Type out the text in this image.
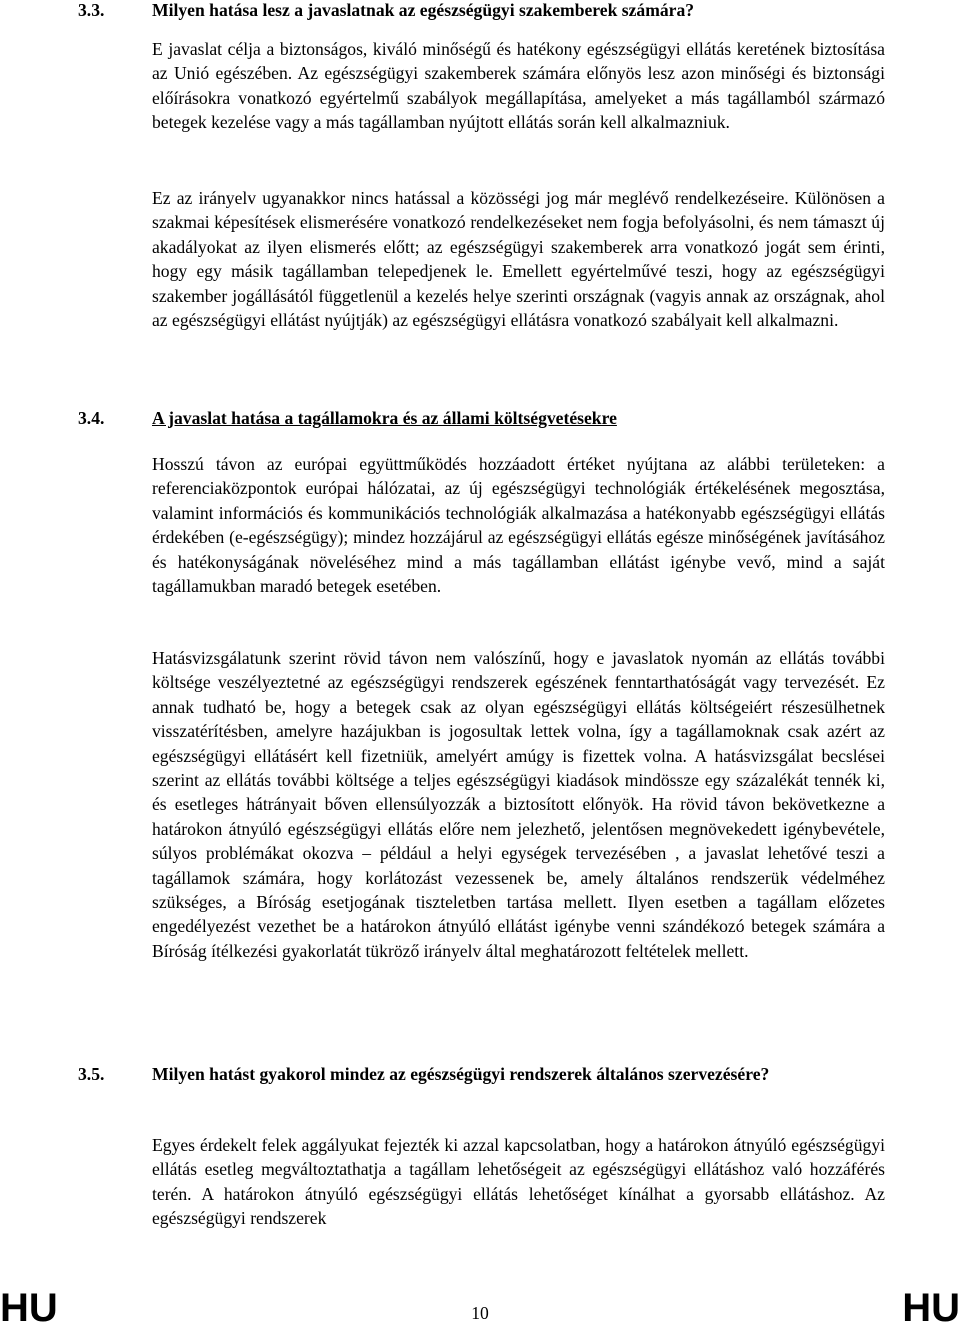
3.3.	Milyen hatása lesz a javaslatnak az egészségügyi szakemberek számára?

E javaslat célja a biztonságos, kiváló minőségű és hatékony egészségügyi ellátás keretének biztosítása az Unió egészében. Az egészségügyi szakemberek számára előnyös lesz azon minőségi és biztonsági előírásokra vonatkozó egyértelmű szabályok megállapítása, amelyeket a más tagállamból származó betegek kezelése vagy a más tagállamban nyújtott ellátás során kell alkalmazniuk.

Ez az irányelv ugyanakkor nincs hatással a közösségi jog már meglévő rendelkezéseire. Különösen a szakmai képesítések elismerésére vonatkozó rendelkezéseket nem fogja befolyásolni, és nem támaszt új akadályokat az ilyen elismerés előtt; az egészségügyi szakemberek arra vonatkozó jogát sem érinti, hogy egy másik tagállamban telepedjenek le. Emellett egyértelművé teszi, hogy az egészségügyi szakember jogállásától függetlenül a kezelés helye szerinti országnak (vagyis annak az országnak, ahol az egészségügyi ellátást nyújtják) az egészségügyi ellátásra vonatkozó szabályait kell alkalmazni.

3.4.	A javaslat hatása a tagállamokra és az állami költségvetésekre

Hosszú távon az európai együttműködés hozzáadott értéket nyújtana az alábbi területeken: a referenciaközpontok európai hálózatai, az új egészségügyi technológiák értékelésének megosztása, valamint információs és kommunikációs technológiák alkalmazása a hatékonyabb egészségügyi ellátás érdekében (e-egészségügy); mindez hozzájárul az egészségügyi ellátás egésze minőségének javításához és hatékonyságának növeléséhez mind a más tagállamban ellátást igénybe vevő, mind a saját tagállamukban maradó betegek esetében.

Hatásvizsgálatunk szerint rövid távon nem valószínű, hogy e javaslatok nyomán az ellátás további költsége veszélyeztetné az egészségügyi rendszerek egészének fenntarthatóságát vagy tervezését. Ez annak tudható be, hogy a betegek csak az olyan egészségügyi ellátás költségeiért részesülhetnek visszatérítésben, amelyre hazájukban is jogosultak lettek volna, így a tagállamoknak csak azért az egészségügyi ellátásért kell fizetniük, amelyért amúgy is fizettek volna. A hatásvizsgálat becslései szerint az ellátás további költsége a teljes egészségügyi kiadások mindössze egy százalékát tennék ki, és esetleges hátrányait bőven ellensúlyozzák a biztosított előnyök. Ha rövid távon bekövetkezne a határokon átnyúló egészségügyi ellátás előre nem jelezhető, jelentősen megnövekedett igénybevétele, súlyos problémákat okozva – például a helyi egységek tervezésében , a javaslat lehetővé teszi a tagállamok számára, hogy korlátozást vezessenek be, amely általános rendszerük védelméhez szükséges, a Bíróság esetjogának tiszteletben tartása mellett. Ilyen esetben a tagállam előzetes engedélyezést vezethet be a határokon átnyúló ellátást igénybe venni szándékozó betegek számára a Bíróság ítélkezési gyakorlatát tükröző irányelv által meghatározott feltételek mellett.

3.5.	Milyen hatást gyakorol mindez az egészségügyi rendszerek általános szervezésére?

Egyes érdekelt felek aggályukat fejezték ki azzal kapcsolatban, hogy a határokon átnyúló egészségügyi ellátás esetleg megváltoztathatja a tagállam lehetőségeit az egészségügyi ellátáshoz való hozzáférés terén. A határokon átnyúló egészségügyi ellátás lehetőséget kínálhat a gyorsabb ellátáshoz. Az egészségügyi rendszerek

HU	10	HU
